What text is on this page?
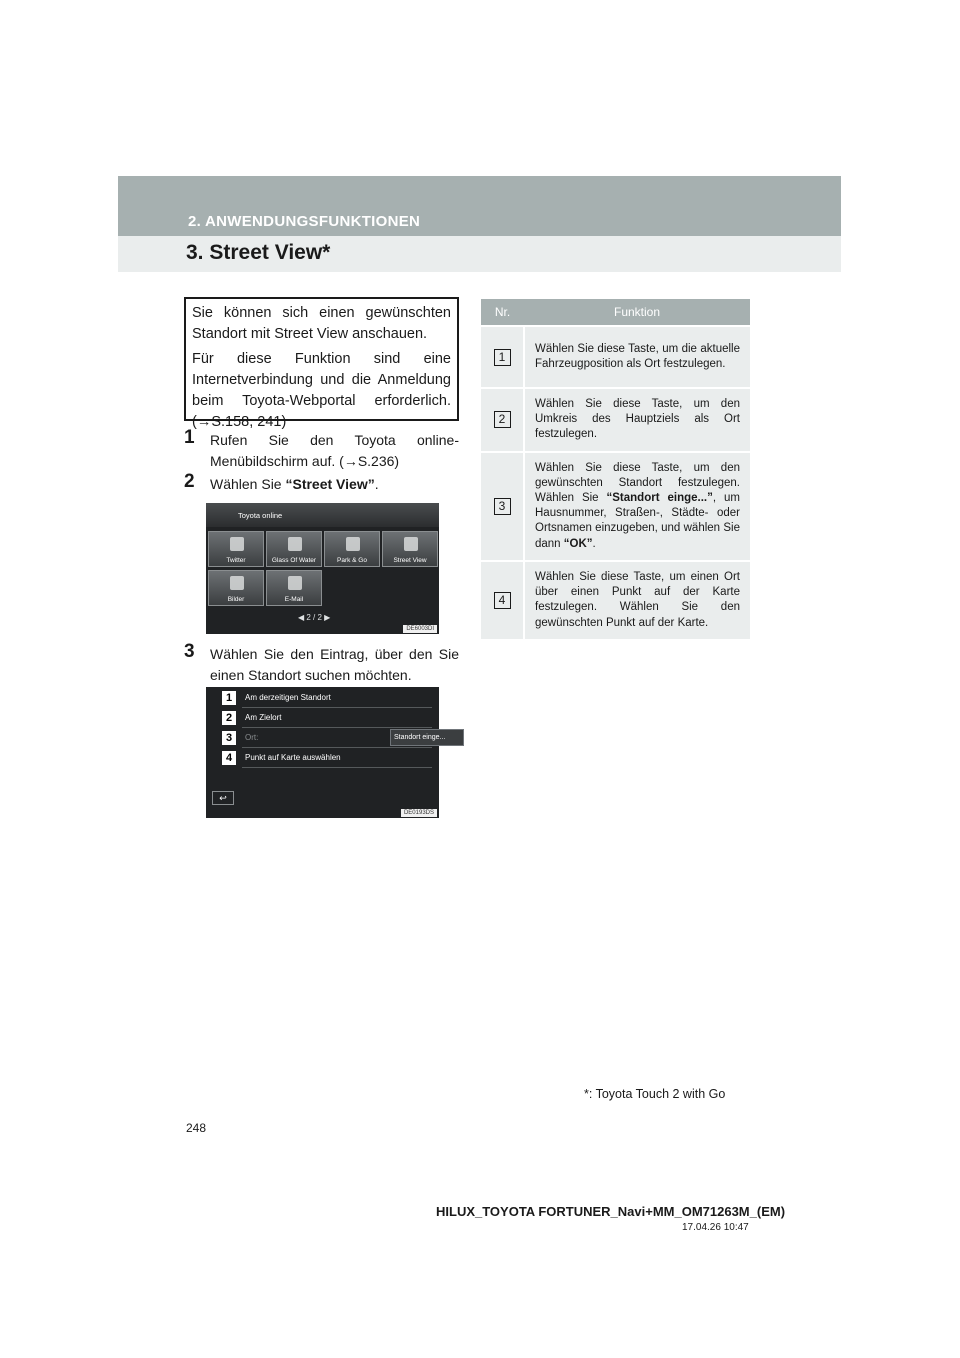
2. ANWENDUNGSFUNKTIONEN
3. Street View*

Sie können sich einen gewünschten Standort mit Street View anschauen.

Für diese Funktion sind eine Internetverbindung und die Anmeldung beim Toyota-Webportal erforderlich. (→S.158, 241)

1	Rufen Sie den Toyota online-Menübildschirm auf. (→S.236)
2	Wählen Sie “Street View”.
Toyota online
Twitter	Glass Of Water	Park & Go	Street View
Bilder	E-Mail
◀ 2 / 2 ▶
DE6003DI
3	Wählen Sie den Eintrag, über den Sie einen Standort suchen möchten.
1	Am derzeitigen Standort
2	Am Zielort
3	Ort:	Standort einge...
4	Punkt auf Karte auswählen
↩
DE0193DS
Nr.	Funktion
1	Wählen Sie diese Taste, um die aktuelle Fahrzeugposition als Ort festzulegen.
2	Wählen Sie diese Taste, um den Umkreis des Hauptziels als Ort festzulegen.
3	Wählen Sie diese Taste, um den gewünschten Standort festzulegen. Wählen Sie “Standort einge...”, um Hausnummer, Straßen-, Städte- oder Ortsnamen einzugeben, und wählen Sie dann “OK”.
4	Wählen Sie diese Taste, um einen Ort über einen Punkt auf der Karte festzulegen. Wählen Sie den gewünschten Punkt auf der Karte.
*: Toyota Touch 2 with Go
248
HILUX_TOYOTA FORTUNER_Navi+MM_OM71263M_(EM)
17.04.26 10:47
